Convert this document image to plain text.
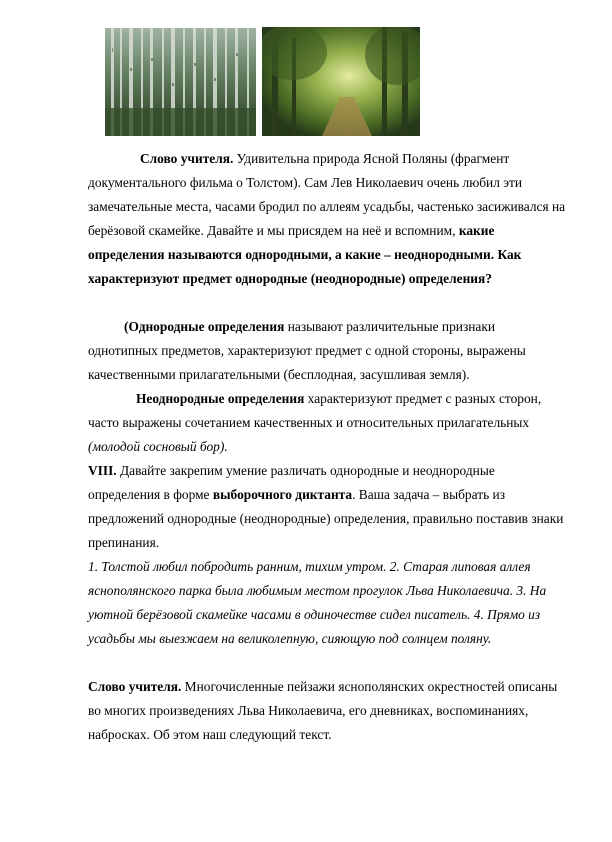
Слово учителя. Удивительна природа Ясной Поляны (фрагмент документального фильма о Толстом). Сам Лев Николаевич очень любил эти замечательные места, часами бродил по аллеям усадьбы, частенько засиживался на берёзовой скамейке. Давайте и мы присядем на неё и вспомним, какие определения называются однородными, а какие – неоднородными. Как характеризуют предмет однородные (неоднородные) определения?
(Однородные определения называют различительные признаки однотипных предметов, характеризуют предмет с одной стороны, выражены качественными прилагательными (бесплодная, засушливая земля).
Неоднородные определения характеризуют предмет с разных сторон, часто выражены сочетанием качественных и относительных прилагательных (молодой сосновый бор).
VIII. Давайте закрепим умение различать однородные и неоднородные определения в форме выборочного диктанта. Ваша задача – выбрать из предложений однородные (неоднородные) определения, правильно поставив знаки препинания.
1. Толстой любил побродить ранним, тихим утром. 2. Старая липовая аллея яснополянского парка была любимым местом прогулок Льва Николаевича. 3. На уютной берёзовой скамейке часами в одиночестве сидел писатель. 4. Прямо из усадьбы мы выезжаем на великолепную, сияющую под солнцем поляну.
Слово учителя. Многочисленные пейзажи яснополянских окрестностей описаны во многих произведениях Льва Николаевича, его дневниках, воспоминаниях, набросках. Об этом наш следующий текст.
